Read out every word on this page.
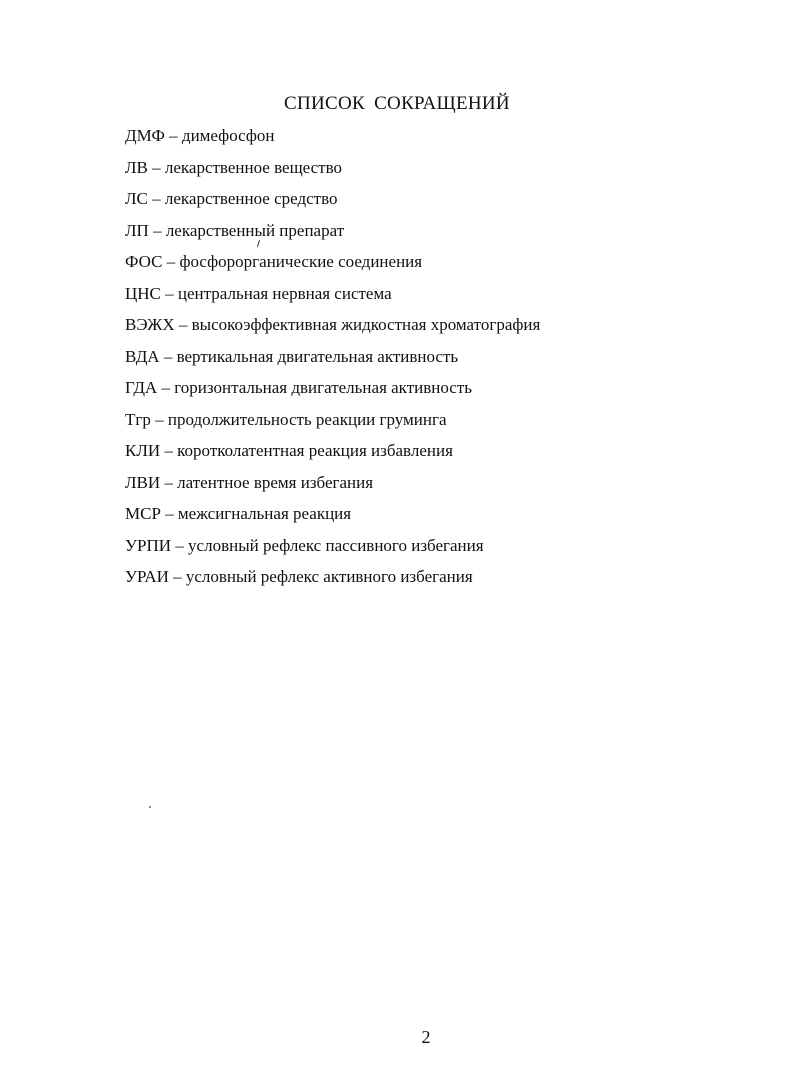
СПИСОК СОКРАЩЕНИЙ
ДМФ – димефосфон
ЛВ – лекарственное вещество
ЛС – лекарственное средство
ЛП – лекарственный препарат
ФОС – фосфорорганические соединения
ЦНС – центральная нервная система
ВЭЖХ – высокоэффективная жидкостная хроматография
ВДА – вертикальная двигательная активность
ГДА – горизонтальная двигательная активность
Тгр – продолжительность реакции груминга
КЛИ – коротколатентная реакция избавления
ЛВИ – латентное время избегания
МСР – межсигнальная реакция
УРПИ – условный рефлекс пассивного избегания
УРАИ – условный рефлекс активного избегания
2
